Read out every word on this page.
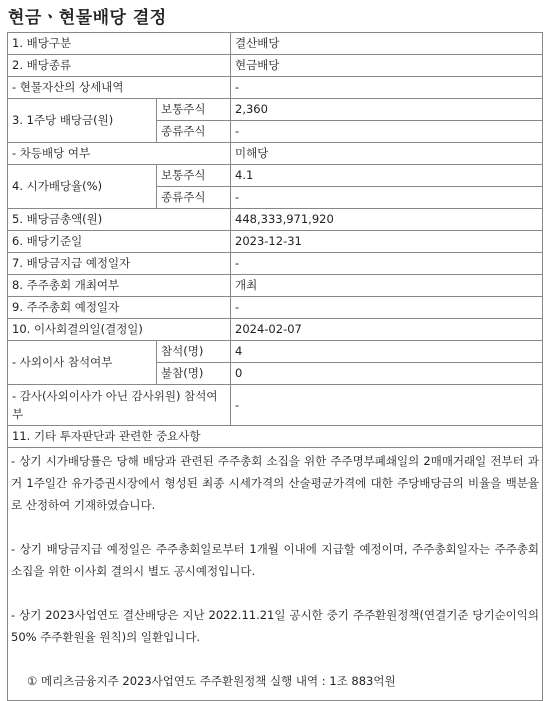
현금ㆍ현물배당 결정
1. 배당구분		결산배당
2. 배당종류		현금배당
- 현물자산의 상세내역		-
3. 1주당 배당금(원)	보통주식	2,360
	종류주식	-
- 차등배당 여부		미해당
4. 시가배당율(%)	보통주식	4.1
	종류주식	-
5. 배당금총액(원)		448,333,971,920
6. 배당기준일		2023-12-31
7. 배당금지급 예정일자		-
8. 주주총회 개최여부		개최
9. 주주총회 예정일자		-
10. 이사회결의일(결정일)		2024-02-07
- 사외이사 참석여부	참석(명)	4
	불참(명)	0
- 감사(사외이사가 아닌 감사위원) 참석여부		-
11. 기타 투자판단과 관련한 중요사항		

- 상기 시가배당률은 당해 배당과 관련된 주주총회 소집을 위한 주주명부폐쇄일의 2매매거래일 전부터 과거 1주일간 유가증권시장에서 형성된 최종 시세가격의 산술평균가격에 대한 주당배당금의 비율을 백분율로 산정하여 기재하였습니다.

- 상기 배당금지급 예정일은 주주총회일로부터 1개월 이내에 지급할 예정이며, 주주총회일자는 주주총회 소집을 위한 이사회 결의시 별도 공시예정입니다.

- 상기 2023사업연도 결산배당은 지난 2022.11.21일 공시한 중기 주주환원정책(연결기준 당기순이익의 50% 주주환원율 원칙)의 일환입니다.

① 메리츠금융지주 2023사업연도 주주환원정책 실행 내역 : 1조 883억원		
